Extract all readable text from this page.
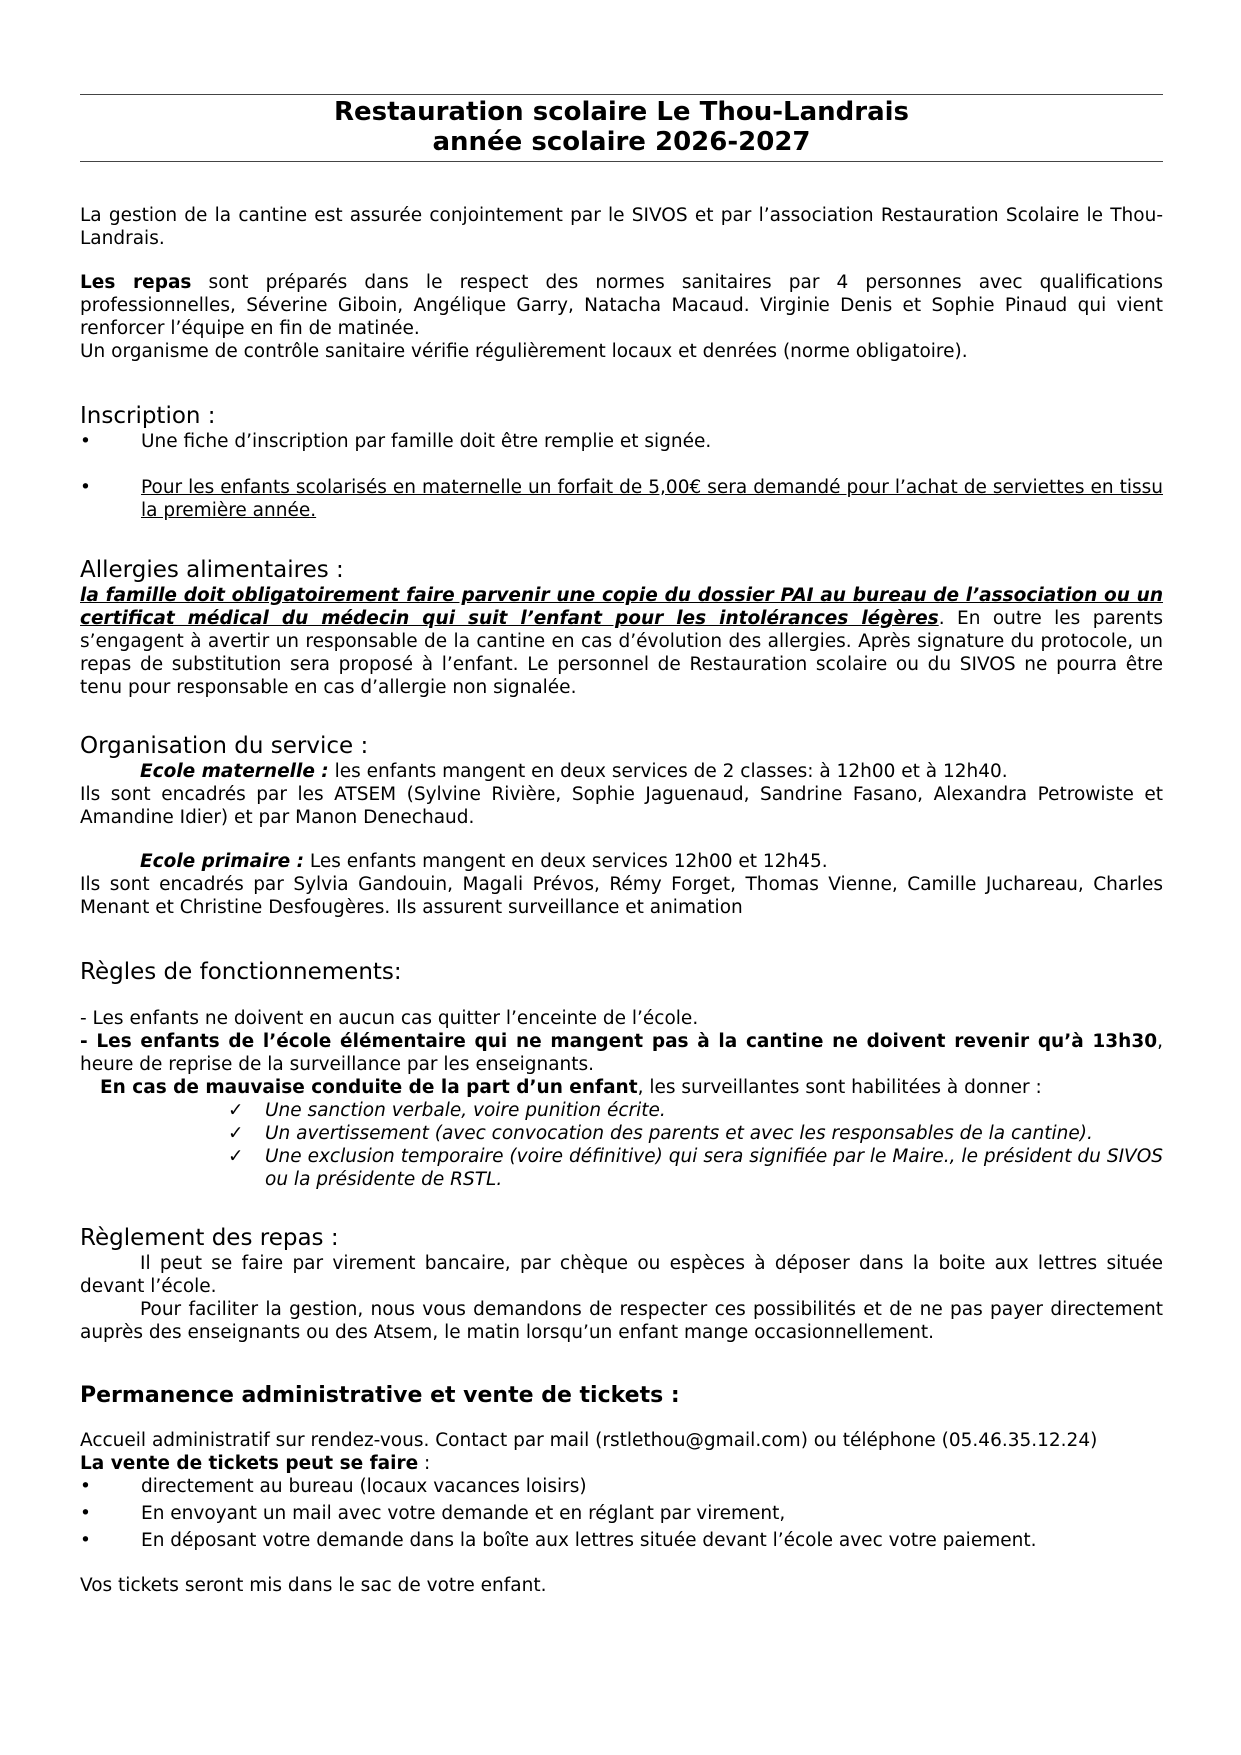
Restauration scolaire Le Thou-Landrais
année scolaire 2026-2027

La gestion de la cantine est assurée conjointement par le SIVOS et par l’association Restauration Scolaire le Thou-Landrais.

Les repas sont préparés dans le respect des normes sanitaires par 4 personnes avec qualifications professionnelles, Séverine Giboin, Angélique Garry, Natacha Macaud. Virginie Denis et Sophie Pinaud qui vient renforcer l’équipe en fin de matinée.

Un organisme de contrôle sanitaire vérifie régulièrement locaux et denrées (norme obligatoire).

Inscription :
•	Une fiche d’inscription par famille doit être remplie et signée.
•	Pour les enfants scolarisés en maternelle un forfait de 5,00€ sera demandé pour l’achat de serviettes en tissu la première année.
Allergies alimentaires :

la famille doit obligatoirement faire parvenir une copie du dossier PAI au bureau de l’association ou un certificat médical du médecin qui suit l’enfant pour les intolérances légères. En outre les parents s’engagent à avertir un responsable de la cantine en cas d’évolution des allergies. Après signature du protocole, un repas de substitution sera proposé à l’enfant. Le personnel de Restauration scolaire ou du SIVOS ne pourra être tenu pour responsable en cas d’allergie non signalée.

Organisation du service :

Ecole maternelle : les enfants mangent en deux services de 2 classes: à 12h00 et à 12h40.

Ils sont encadrés par les ATSEM (Sylvine Rivière, Sophie Jaguenaud, Sandrine Fasano, Alexandra Petrowiste et Amandine Idier) et par Manon Denechaud.

Ecole primaire : Les enfants mangent en deux services 12h00 et 12h45.

Ils sont encadrés par Sylvia Gandouin, Magali Prévos, Rémy Forget, Thomas Vienne, Camille Juchareau, Charles Menant et Christine Desfougères. Ils assurent surveillance et animation

Règles de fonctionnements:

- Les enfants ne doivent en aucun cas quitter l’enceinte de l’école.

- Les enfants de l’école élémentaire qui ne mangent pas à la cantine ne doivent revenir qu’à 13h30, heure de reprise de la surveillance par les enseignants.

En cas de mauvaise conduite de la part d’un enfant, les surveillantes sont habilitées à donner :

✓ Une sanction verbale, voire punition écrite.
✓ Un avertissement (avec convocation des parents et avec les responsables de la cantine).
✓ Une exclusion temporaire (voire définitive) qui sera signifiée par le Maire., le président du SIVOS ou la présidente de RSTL.
Règlement des repas :

Il peut se faire par virement bancaire, par chèque ou espèces à déposer dans la boite aux lettres située devant l’école.

Pour faciliter la gestion, nous vous demandons de respecter ces possibilités et de ne pas payer directement auprès des enseignants ou des Atsem, le matin lorsqu’un enfant mange occasionnellement.

Permanence administrative et vente de tickets :

Accueil administratif sur rendez-vous. Contact par mail (rstlethou@gmail.com) ou téléphone (05.46.35.12.24)

La vente de tickets peut se faire :

•	directement au bureau (locaux vacances loisirs)
•	En envoyant un mail avec votre demande et en réglant par virement,
•	En déposant votre demande dans la boîte aux lettres située devant l’école avec votre paiement.

Vos tickets seront mis dans le sac de votre enfant.
